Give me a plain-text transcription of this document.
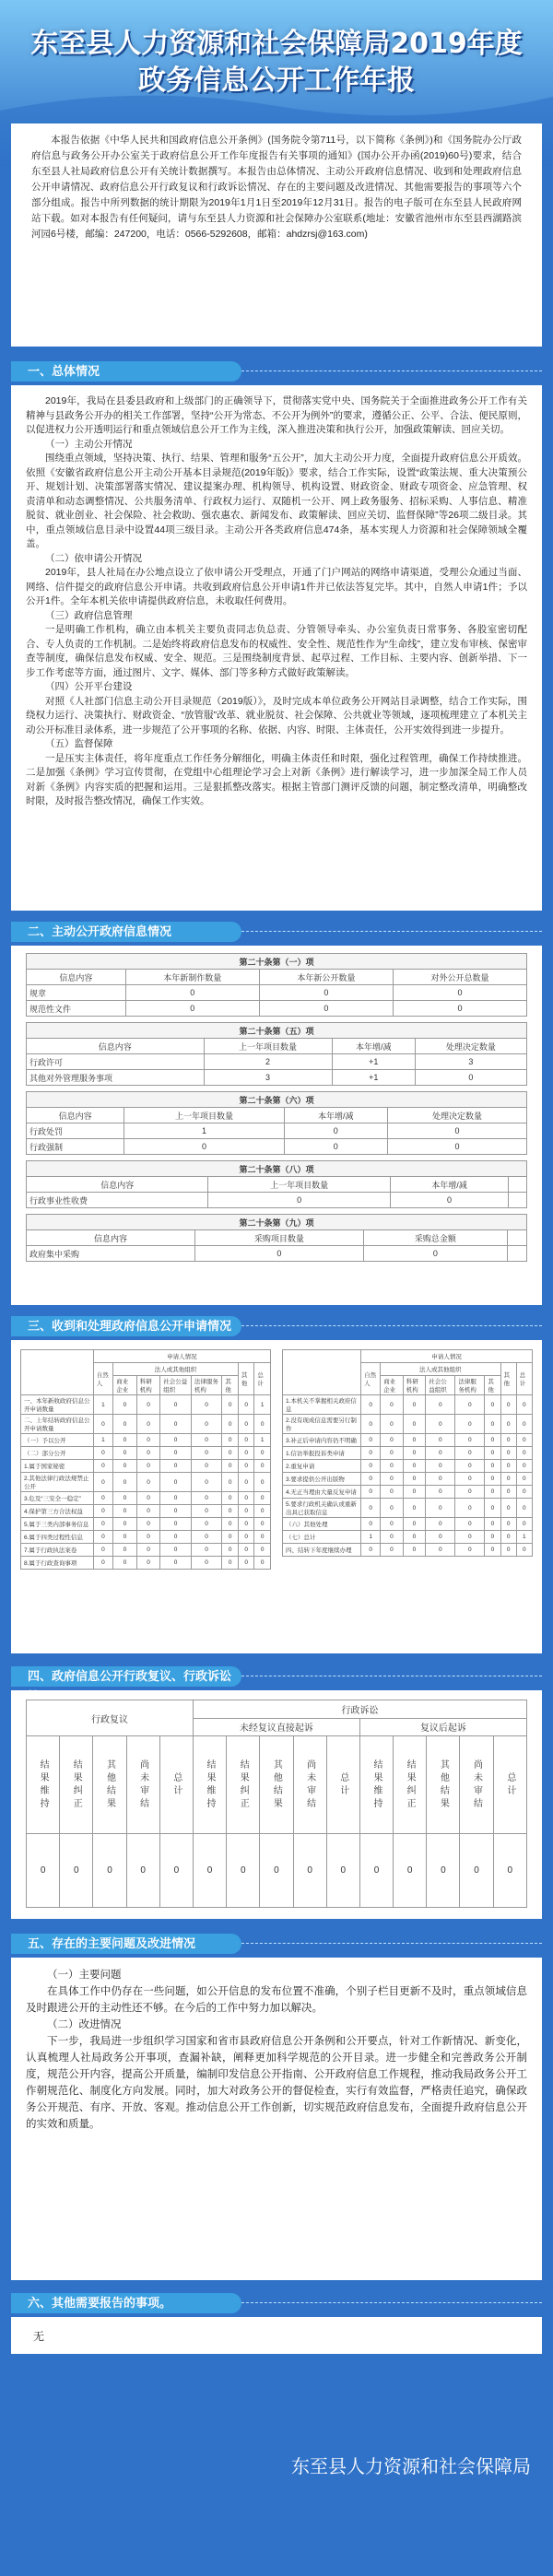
东至县人力资源和社会保障局2019年度
政务信息公开工作年报
本报告依据《中华人民共和国政府信息公开条例》(国务院令第711号，以下简称《条例》)和《国务院办公厅政府信息与政务公开办公室关于政府信息公开工作年度报告有关事项的通知》(国办公开办函(2019)60号)要求，结合东至县人社局政府信息公开有关统计数据撰写。本报告由总体情况、主动公开政府信息情况、收到和处理政府信息公开申请情况、政府信息公开行政复议和行政诉讼情况、存在的主要问题及改进情况、其他需要报告的事项等六个部分组成。报告中所列数据的统计期限为2019年1月1日至2019年12月31日。报告的电子版可在东至县人民政府网站下载。如对本报告有任何疑问，请与东至县人力资源和社会保障办公室联系(地址：安徽省池州市东至县西湖路滨河园6号楼，邮编：247200，电话：0566-5292608，邮箱：ahdzrsj@163.com)
一、总体情况

2019年，我局在县委县政府和上级部门的正确领导下，贯彻落实党中央、国务院关于全面推进政务公开工作有关精神与县政务公开办的相关工作部署，坚持“公开为常态、不公开为例外”的要求，遵循公正、公平、合法、便民原则，以促进权力公开透明运行和重点领域信息公开工作为主线，深入推进决策和执行公开，加强政策解读、回应关切。

（一）主动公开情况

围绕重点领域，坚持决策、执行、结果、管理和服务“五公开”，加大主动公开力度，全面提升政府信息公开质效。依照《安徽省政府信息公开主动公开基本目录规范(2019年版)》要求，结合工作实际，设置“政策法规、重大决策预公开、规划计划、决策部署落实情况、建议提案办理、机构领导、机构设置、财政资金、财政专项资金、应急管理、权责清单和动态调整情况、公共服务清单、行政权力运行、双随机一公开、网上政务服务、招标采购、人事信息、精准脱贫、就业创业、社会保险、社会救助、强农惠农、新闻发布、政策解读、回应关切、监督保障”等26项二级目录。其中，重点领域信息目录中设置44项三级目录。主动公开各类政府信息474条，基本实现人力资源和社会保障领域全覆盖。

（二）依申请公开情况

2019年，县人社局在办公地点设立了依申请公开受理点，开通了门户网站的网络申请渠道，受理公众通过当面、网络、信件提交的政府信息公开申请。共收到政府信息公开申请1件并已依法答复完毕。其中，自然人申请1件；予以公开1件。全年本机关依申请提供政府信息，未收取任何费用。

（三）政府信息管理

一是明确工作机构，确立由本机关主要负责同志负总责、分管领导牵头、办公室负责日常事务、各股室密切配合、专人负责的工作机制。二是始终将政府信息发布的权威性、安全性、规范性作为“生命线”，建立发布审核、保密审查等制度，确保信息发布权威、安全、规范。三是围绕制度背景、起草过程、工作目标、主要内容、创新举措、下一步工作考虑等方面，通过图片、文字、媒体、部门等多种方式做好政策解读。

（四）公开平台建设

对照《人社部门信息主动公开目录规范（2019版）》，及时完成本单位政务公开网站目录调整，结合工作实际，围绕权力运行、决策执行、财政资金、“放管服”改革、就业脱贫、社会保障、公共就业等领域，逐项梳理建立了本机关主动公开标准目录体系，进一步规范了公开事项的名称、依据、内容、时限、主体责任，公开实效得到进一步提升。

（五）监督保障

一是压实主体责任，将年度重点工作任务分解细化，明确主体责任和时限，强化过程管理，确保工作持续推进。二是加强《条例》学习宣传贯彻，在党组中心组理论学习会上对新《条例》进行解读学习，进一步加深全局工作人员对新《条例》内容实质的把握和运用。三是狠抓整改落实。根据主管部门测评反馈的问题，制定整改清单，明确整改时限，及时报告整改情况，确保工作实效。

二、主动公开政府信息情况
第二十条第（一）项			
信息内容	本年新制作数量	本年新公开数量	对外公开总数量
规章	0	0	0
规范性文件	0	0	0
第二十条第（五）项			
信息内容	上一年项目数量	本年增/减	处理决定数量
行政许可	2	+1	3
其他对外管理服务事项	3	+1	0
第二十条第（六）项			
信息内容	上一年项目数量	本年增/减	处理决定数量
行政处罚	1	0	0
行政强制	0	0	0
第二十条第（八）项			
信息内容	上一年项目数量	本年增/减	
行政事业性收费	0	0	
第二十条第（九）项			
信息内容	采购项目数量	采购总金额	
政府集中采购	0	0	
三、收到和处理政府信息公开申请情况
	申请人情况							
	自然人	法人或其他组织					其他	总计
		商业企业	科研机构	社会公益组织	法律服务机构	其他		
一、本年新收政府信息公开申请数量	1	0	0	0	0	0	0	1
二、上年结转政府信息公开申请数量	0	0	0	0	0	0	0	0
（一）予以公开	1	0	0	0	0	0	0	1
（二）部分公开	0	0	0	0	0	0	0	0
1.属于国家秘密	0	0	0	0	0	0	0	0
2.其他法律行政法规禁止公开	0	0	0	0	0	0	0	0
3.危及“三安全一稳定”	0	0	0	0	0	0	0	0
4.保护第三方合法权益	0	0	0	0	0	0	0	0
5.属于三类内部事务信息	0	0	0	0	0	0	0	0
6.属于四类过程性信息	0	0	0	0	0	0	0	0
7.属于行政执法案卷	0	0	0	0	0	0	0	0
8.属于行政查询事项	0	0	0	0	0	0	0	0
	申请人情况							
	自然人	法人或其他组织					其他	总计
		商业企业	科研机构	社会公益组织	法律服务机构	其他		
1.本机关不掌握相关政府信息	0	0	0	0	0	0	0	0
2.没有现成信息需要另行制作	0	0	0	0	0	0	0	0
3.补正后申请内容仍不明确	0	0	0	0	0	0	0	0
1.信访举报投诉类申请	0	0	0	0	0	0	0	0
2.重复申请	0	0	0	0	0	0	0	0
3.要求提供公开出版物	0	0	0	0	0	0	0	0
4.无正当理由大量反复申请	0	0	0	0	0	0	0	0
5.要求行政机关确认或重新出具已获取信息	0	0	0	0	0	0	0	0
（六）其他处理	0	0	0	0	0	0	0	0
（七）总计	1	0	0	0	0	0	0	1
四、结转下年度继续办理	0	0	0	0	0	0	0	0
四、政府信息公开行政复议、行政诉讼
行政复议					行政诉讼									
					未经复议直接起诉					复议后起诉				
结果维持	结果纠正	其他结果	尚未审结	总计	结果维持	结果纠正	其他结果	尚未审结	总计	结果维持	结果纠正	其他结果	尚未审结	总计
0	0	0	0	0	0	0	0	0	0	0	0	0	0	0
五、存在的主要问题及改进情况

（一）主要问题

在具体工作中仍存在一些问题，如公开信息的发布位置不准确，个别子栏目更新不及时，重点领域信息及时跟进公开的主动性还不够。在今后的工作中努力加以解决。

（二）改进情况

下一步，我局进一步组织学习国家和省市县政府信息公开条例和公开要点，针对工作新情况、新变化，认真梳理人社局政务公开事项，查漏补缺，阐释更加科学规范的公开目录。进一步健全和完善政务公开制度，规范公开内容，提高公开质量，编制印发信息公开指南、公开政府信息工作规程，推动我局政务公开工作朝规范化、制度化方向发展。同时，加大对政务公开的督促检查，实行有效监督，严格责任追究，确保政务公开规范、有序、开放、客观。推动信息公开工作创新，切实规范政府信息发布，全面提升政府信息公开的实效和质量。

六、其他需要报告的事项。
无
东至县人力资源和社会保障局
